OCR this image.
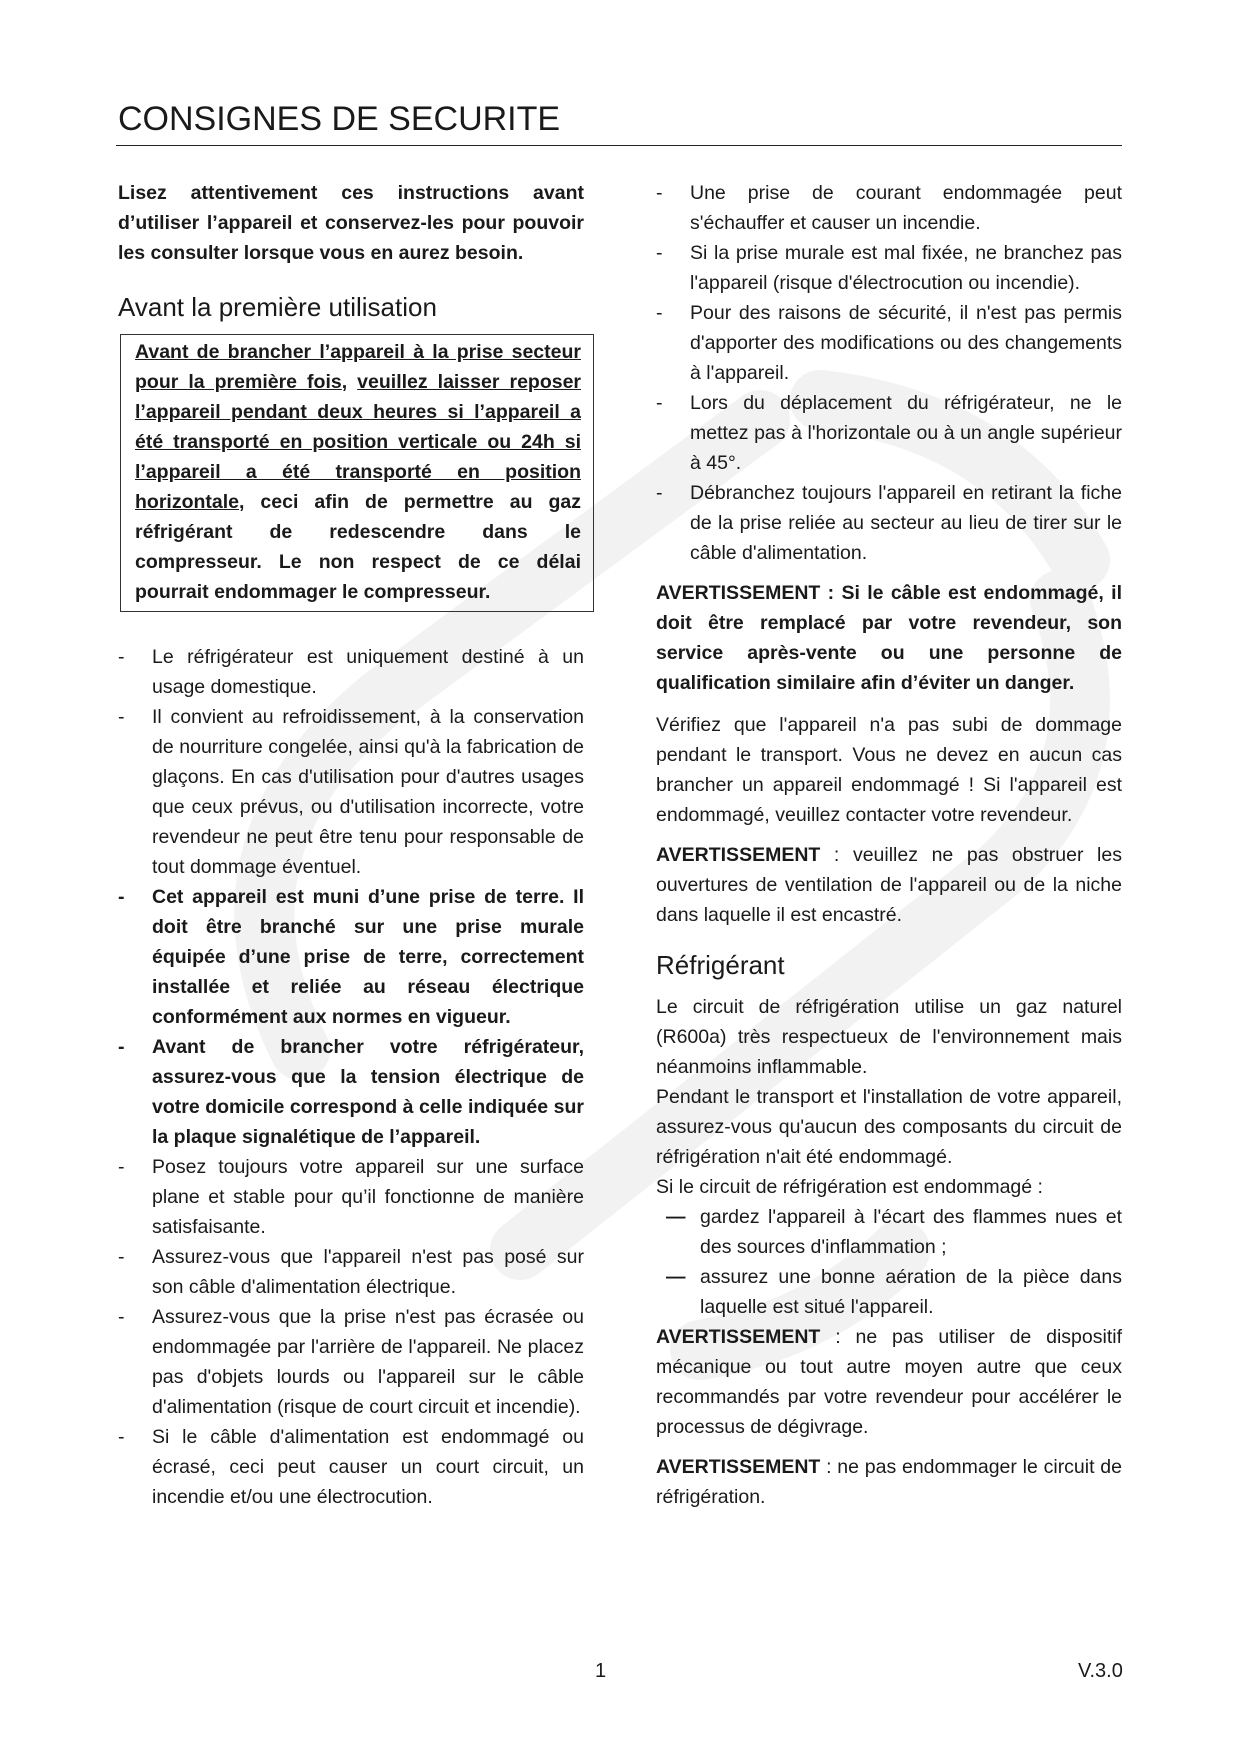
CONSIGNES DE SECURITE

Lisez attentivement ces instructions avant d’utiliser l’appareil et conservez-les pour pouvoir les consulter lorsque vous en aurez besoin.

Avant la première utilisation
Avant de brancher l’appareil à la prise secteur pour la première fois, veuillez laisser reposer l’appareil pendant deux heures si l’appareil a été transporté en position verticale ou 24h si l’appareil a été transporté en position horizontale, ceci afin de permettre au gaz réfrigérant de redescendre dans le compresseur. Le non respect de ce délai pourrait endommager le compresseur.
- Le réfrigérateur est uniquement destiné à un usage domestique.
- Il convient au refroidissement, à la conservation de nourriture congelée, ainsi qu'à la fabrication de glaçons. En cas d'utilisation pour d'autres usages que ceux prévus, ou d'utilisation incorrecte, votre revendeur ne peut être tenu pour responsable de tout dommage éventuel.
- Cet appareil est muni d’une prise de terre. Il doit être branché sur une prise murale équipée d’une prise de terre, correctement installée et reliée au réseau électrique conformément aux normes en vigueur.
- Avant de brancher votre réfrigérateur, assurez-vous que la tension électrique de votre domicile correspond à celle indiquée sur la plaque signalétique de l’appareil.
- Posez toujours votre appareil sur une surface plane et stable pour qu’il fonctionne de manière satisfaisante.
- Assurez-vous que l'appareil n'est pas posé sur son câble d'alimentation électrique.
- Assurez-vous que la prise n'est pas écrasée ou endommagée par l'arrière de l'appareil. Ne placez pas d'objets lourds ou l'appareil sur le câble d'alimentation (risque de court circuit et incendie).
- Si le câble d'alimentation est endommagé ou écrasé, ceci peut causer un court circuit, un incendie et/ou une électrocution.
- Une prise de courant endommagée peut s'échauffer et causer un incendie.
- Si la prise murale est mal fixée, ne branchez pas l'appareil (risque d'électrocution ou incendie).
- Pour des raisons de sécurité, il n'est pas permis d'apporter des modifications ou des changements à l'appareil.
- Lors du déplacement du réfrigérateur, ne le mettez pas à l'horizontale ou à un angle supérieur à 45°.
- Débranchez toujours l'appareil en retirant la fiche de la prise reliée au secteur au lieu de tirer sur le câble d'alimentation.

AVERTISSEMENT : Si le câble est endommagé, il doit être remplacé par votre revendeur, son service après-vente ou une personne de qualification similaire afin d’éviter un danger.

Vérifiez que l'appareil n'a pas subi de dommage pendant le transport. Vous ne devez en aucun cas brancher un appareil endommagé ! Si l'appareil est endommagé, veuillez contacter votre revendeur.

AVERTISSEMENT : veuillez ne pas obstruer les ouvertures de ventilation de l'appareil ou de la niche dans laquelle il est encastré.

Réfrigérant

Le circuit de réfrigération utilise un gaz naturel (R600a) très respectueux de l'environnement mais néanmoins inflammable.

Pendant le transport et l'installation de votre appareil, assurez-vous qu'aucun des composants du circuit de réfrigération n'ait été endommagé.

Si le circuit de réfrigération est endommagé :

— gardez l'appareil à l'écart des flammes nues et des sources d'inflammation ;
— assurez une bonne aération de la pièce dans laquelle est situé l'appareil.

AVERTISSEMENT : ne pas utiliser de dispositif mécanique ou tout autre moyen autre que ceux recommandés par votre revendeur pour accélérer le processus de dégivrage.

AVERTISSEMENT : ne pas endommager le circuit de réfrigération.

1	V.3.0
